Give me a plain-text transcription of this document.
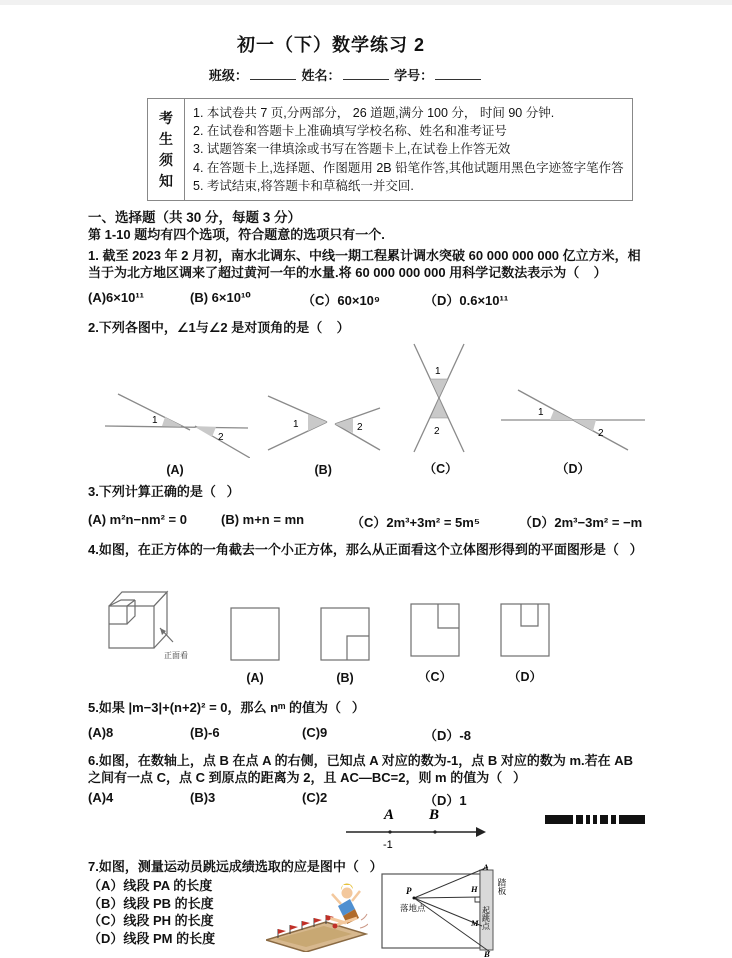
初一（下）数学练习 2
班级：	姓名：	学号：
考
生
须
知
1. 本试卷共 7 页,分两部分， 26 道题,满分 100 分， 时间 90 分钟.
2. 在试卷和答题卡上准确填写学校名称、姓名和准考证号
3. 试题答案一律填涂或书写在答题卡上,在试卷上作答无效
4. 在答题卡上,选择题、作图题用 2B 铅笔作答,其他试题用黑色字迹签字笔作答
5. 考试结束,将答题卡和草稿纸一并交回.
一、选择题（共 30 分，每题 3 分）
第 1-10 题均有四个选项，符合题意的选项只有一个.
1. 截至 2023 年 2 月初，南水北调东、中线一期工程累计调水突破 60 000 000 000 亿立方米，相当于为北方地区调来了超过黄河一年的水量.将 60 000 000 000 用科学记数法表示为（    ）
(A)6×10¹¹	(B) 6×10¹⁰	（C）60×10⁹	（D）0.6×10¹¹
2.下列各图中，∠1与∠2 是对顶角的是（    ）
1
2
(A)
1	2
(B)
1
2
（C）
1
2
（D）
3.下列计算正确的是（   ）
(A) m²n−nm² = 0	(B) m+n = mn	（C）2m³+3m² = 5m⁵	（D）2m³−3m² = −m
4.如图，在正方体的一角截去一个小正方体，那么从正面看这个立体图形得到的平面图形是（   ）
正面看
(A)	(B)	（C）	（D）
5.如果 |m−3|+(n+2)² = 0，那么 nᵐ 的值为（   ）
(A)8	(B)-6	(C)9	（D）-8
6.如图，在数轴上，点 B 在点 A 的右侧，已知点 A 对应的数为-1，点 B 对应的数为 m.若在 AB 之间有一点 C，点 C 到原点的距离为 2，且 AC—BC=2，则 m 的值为（   ）
(A)4	(B)3	(C)2	（D）1
A B
-1
7.如图，测量运动员跳远成绩选取的应是图中（   ）
（A）线段 PA 的长度
（B）线段 PB 的长度
（C）线段 PH 的长度
（D）线段 PM 的长度
P
落地点
A
H
M
B
踏板
起跳点
